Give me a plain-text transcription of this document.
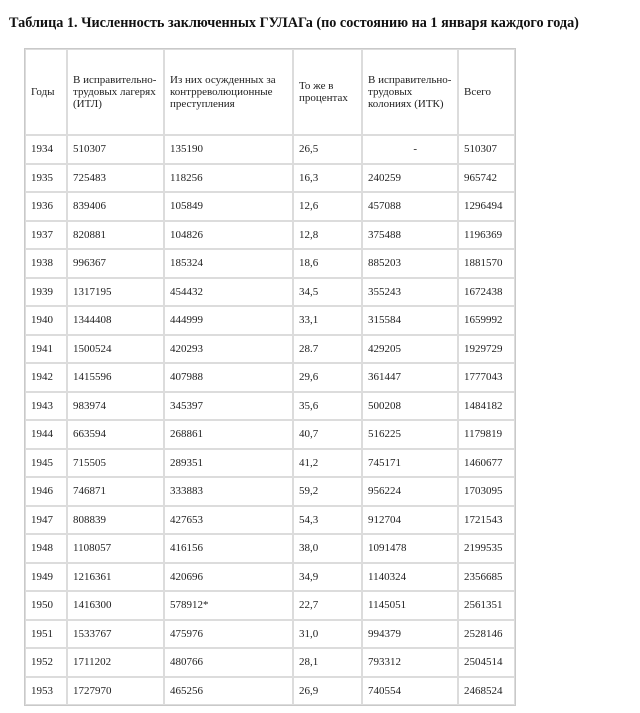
Таблица 1. Численность заключенных ГУЛАГа (по состоянию на 1 января каждого года)
Годы	В исправительно-трудовых лагерях (ИТЛ)	Из них осужденных за контрреволюционные преступления	То же в процентах	В исправительно-трудовых колониях (ИТК)	Всего
1934	510307	135190	26,5	-	510307
1935	725483	118256	16,3	240259	965742
1936	839406	105849	12,6	457088	1296494
1937	820881	104826	12,8	375488	1196369
1938	996367	185324	18,6	885203	1881570
1939	1317195	454432	34,5	355243	1672438
1940	1344408	444999	33,1	315584	1659992
1941	1500524	420293	28.7	429205	1929729
1942	1415596	407988	29,6	361447	1777043
1943	983974	345397	35,6	500208	1484182
1944	663594	268861	40,7	516225	1179819
1945	715505	289351	41,2	745171	1460677
1946	746871	333883	59,2	956224	1703095
1947	808839	427653	54,3	912704	1721543
1948	1108057	416156	38,0	1091478	2199535
1949	1216361	420696	34,9	1140324	2356685
1950	1416300	578912*	22,7	1145051	2561351
1951	1533767	475976	31,0	994379	2528146
1952	1711202	480766	28,1	793312	2504514
1953	1727970	465256	26,9	740554	2468524
